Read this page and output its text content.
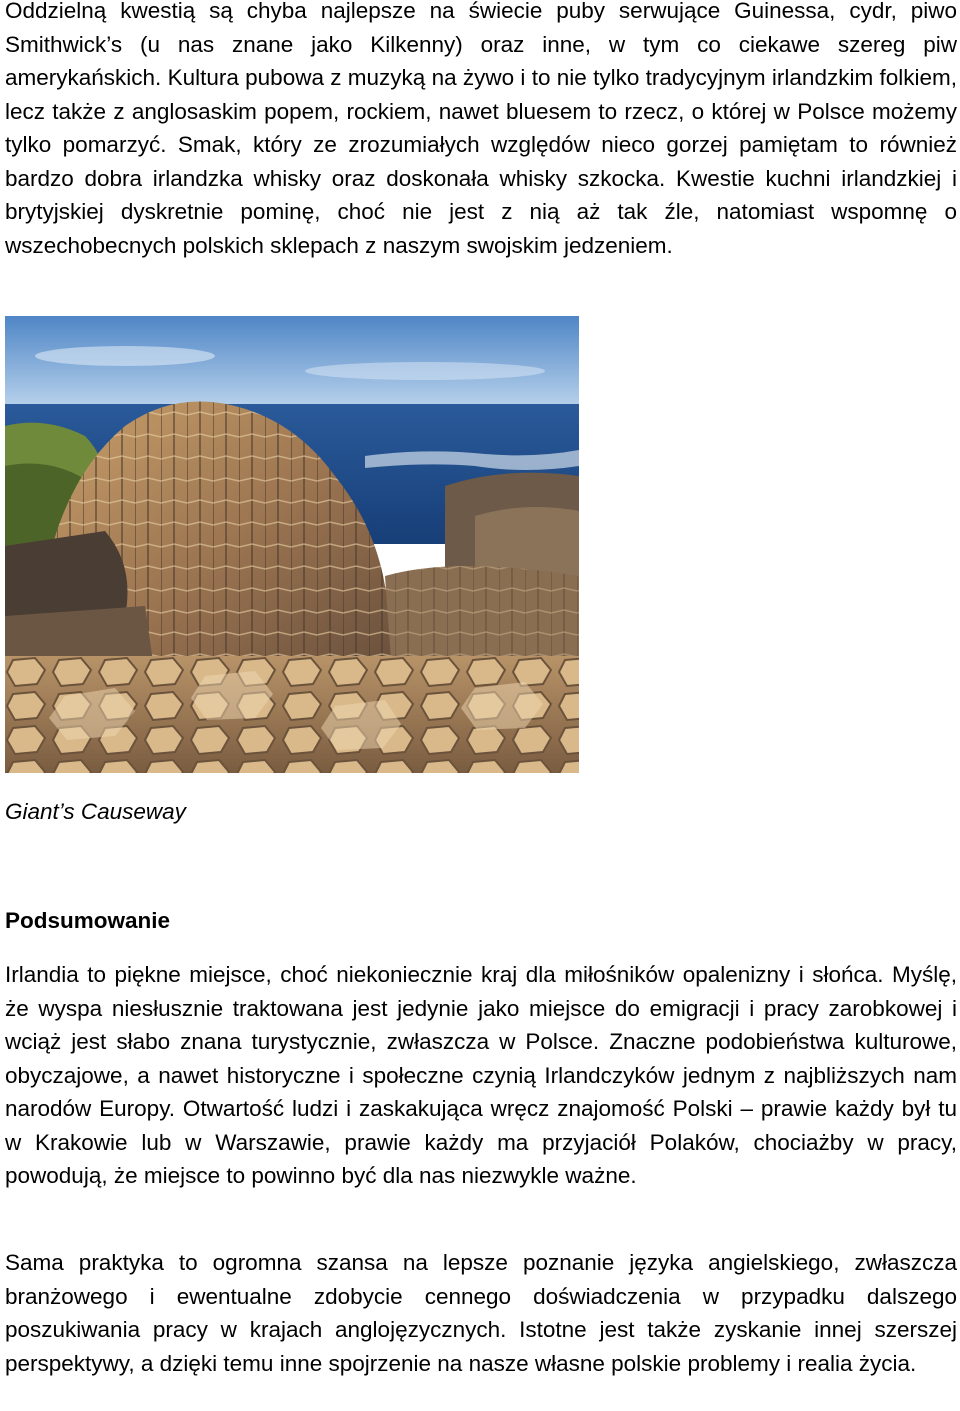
Oddzielną kwestią są chyba najlepsze na świecie puby serwujące Guinessa, cydr, piwo Smithwick’s (u nas znane jako Kilkenny) oraz inne, w tym co ciekawe szereg piw amerykańskich. Kultura pubowa z muzyką na żywo i to nie tylko tradycyjnym irlandzkim folkiem, lecz także z anglosaskim popem, rockiem, nawet bluesem to rzecz, o której w Polsce możemy tylko pomarzyć. Smak, który ze zrozumiałych względów nieco gorzej pamiętam to również bardzo dobra irlandzka whisky oraz doskonała whisky szkocka. Kwestie kuchni irlandzkiej i brytyjskiej dyskretnie pominę, choć nie jest z nią aż tak źle, natomiast wspomnę o wszechobecnych polskich sklepach z naszym swojskim jedzeniem.

Giant’s Causeway

Podsumowanie

Irlandia to piękne miejsce, choć niekoniecznie kraj dla miłośników opalenizny i słońca. Myślę, że wyspa niesłusznie traktowana jest jedynie jako miejsce do emigracji i pracy zarobkowej i wciąż jest słabo znana turystycznie, zwłaszcza w Polsce. Znaczne podobieństwa kulturowe, obyczajowe, a nawet historyczne i społeczne czynią Irlandczyków jednym z najbliższych nam narodów Europy. Otwartość ludzi i zaskakująca wręcz znajomość Polski – prawie każdy był tu w Krakowie lub w Warszawie, prawie każdy ma przyjaciół Polaków, chociażby w pracy, powodują, że miejsce to powinno być dla nas niezwykle ważne.

Sama praktyka to ogromna szansa na lepsze poznanie języka angielskiego, zwłaszcza branżowego i ewentualne zdobycie cennego doświadczenia w przypadku dalszego poszukiwania pracy w krajach anglojęzycznych. Istotne jest także zyskanie innej szerszej perspektywy, a dzięki temu inne spojrzenie na nasze własne polskie problemy i realia życia.
